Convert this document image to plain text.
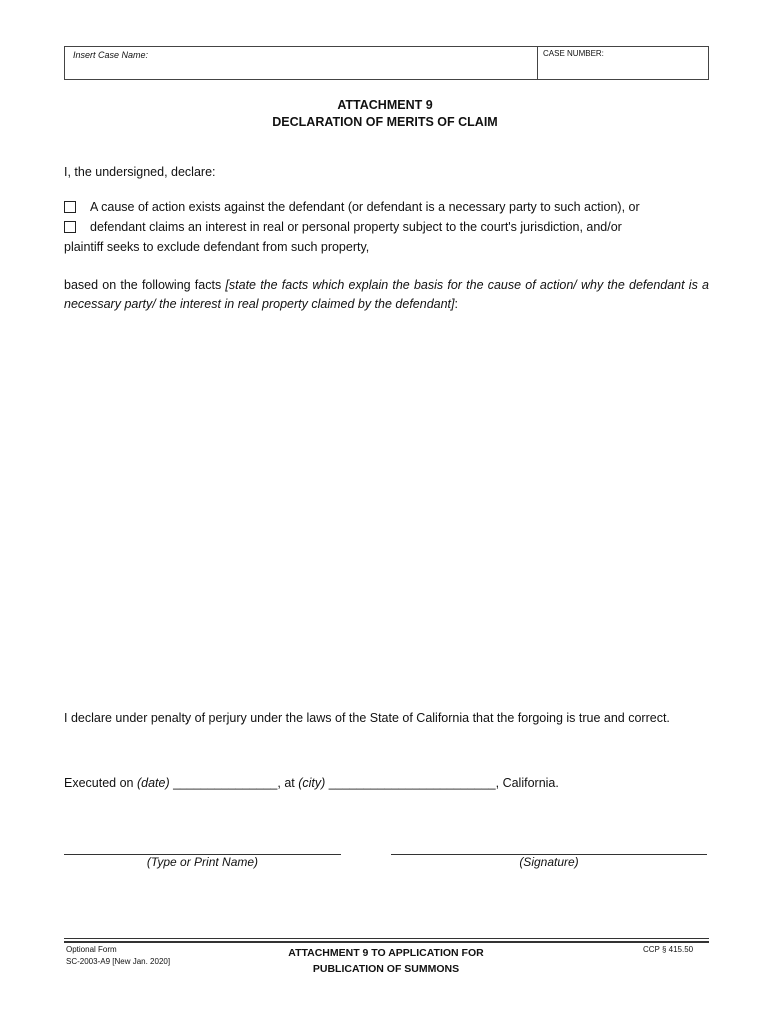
Insert Case Name:	CASE NUMBER:
ATTACHMENT 9
DECLARATION OF MERITS OF CLAIM
I, the undersigned, declare:
A cause of action exists against the defendant (or defendant is a necessary party to such action), or
defendant claims an interest in real or personal property subject to the court's jurisdiction, and/or
plaintiff seeks to exclude defendant from such property,
based on the following facts [state the facts which explain the basis for the cause of action/ why the defendant is a necessary party/ the interest in real property claimed by the defendant]:
I declare under penalty of perjury under the laws of the State of California that the forgoing is true and correct.
Executed on (date) _______________, at (city) ________________________, California.
(Type or Print Name)	(Signature)
Optional Form
SC-2003-A9 [New Jan. 2020]
ATTACHMENT 9 TO APPLICATION FOR
PUBLICATION OF SUMMONS
CCP § 415.50
